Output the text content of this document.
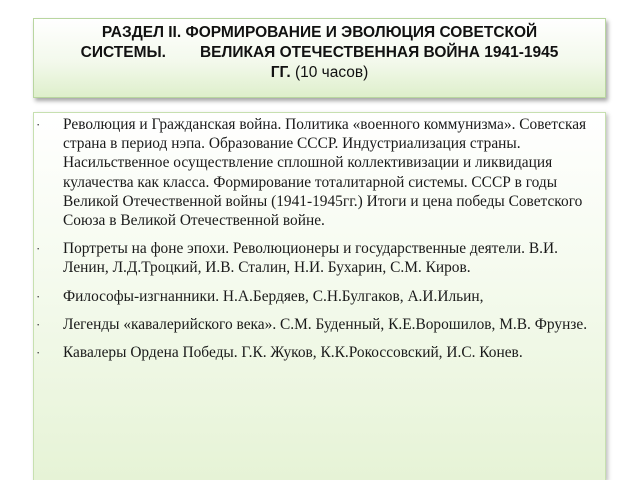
РАЗДЕЛ II. ФОРМИРОВАНИЕ И ЭВОЛЮЦИЯ СОВЕТСКОЙ
СИСТЕМЫ. ВЕЛИКАЯ ОТЕЧЕСТВЕННАЯ ВОЙНА 1941-1945
ГГ. (10 часов)
·	Революция и Гражданская война. Политика «военного коммунизма». Советская страна в период нэпа. Образование СССР. Индустриализация страны. Насильственное осуществление сплошной коллективизации и ликвидация кулачества как класса. Формирование тоталитарной системы. СССР в годы Великой Отечественной войны (1941-1945гг.) Итоги и цена победы Советского Союза в Великой Отечественной войне.
·	Портреты на фоне эпохи. Революционеры и государственные деятели. В.И. Ленин, Л.Д.Троцкий, И.В. Сталин, Н.И. Бухарин, С.М. Киров.
·	Философы-изгнанники. Н.А.Бердяев, С.Н.Булгаков, А.И.Ильин,
·	Легенды «кавалерийского века». С.М. Буденный, К.Е.Ворошилов, М.В. Фрунзе.
·	Кавалеры Ордена Победы. Г.К. Жуков, К.К.Рокоссовский, И.С. Конев.
